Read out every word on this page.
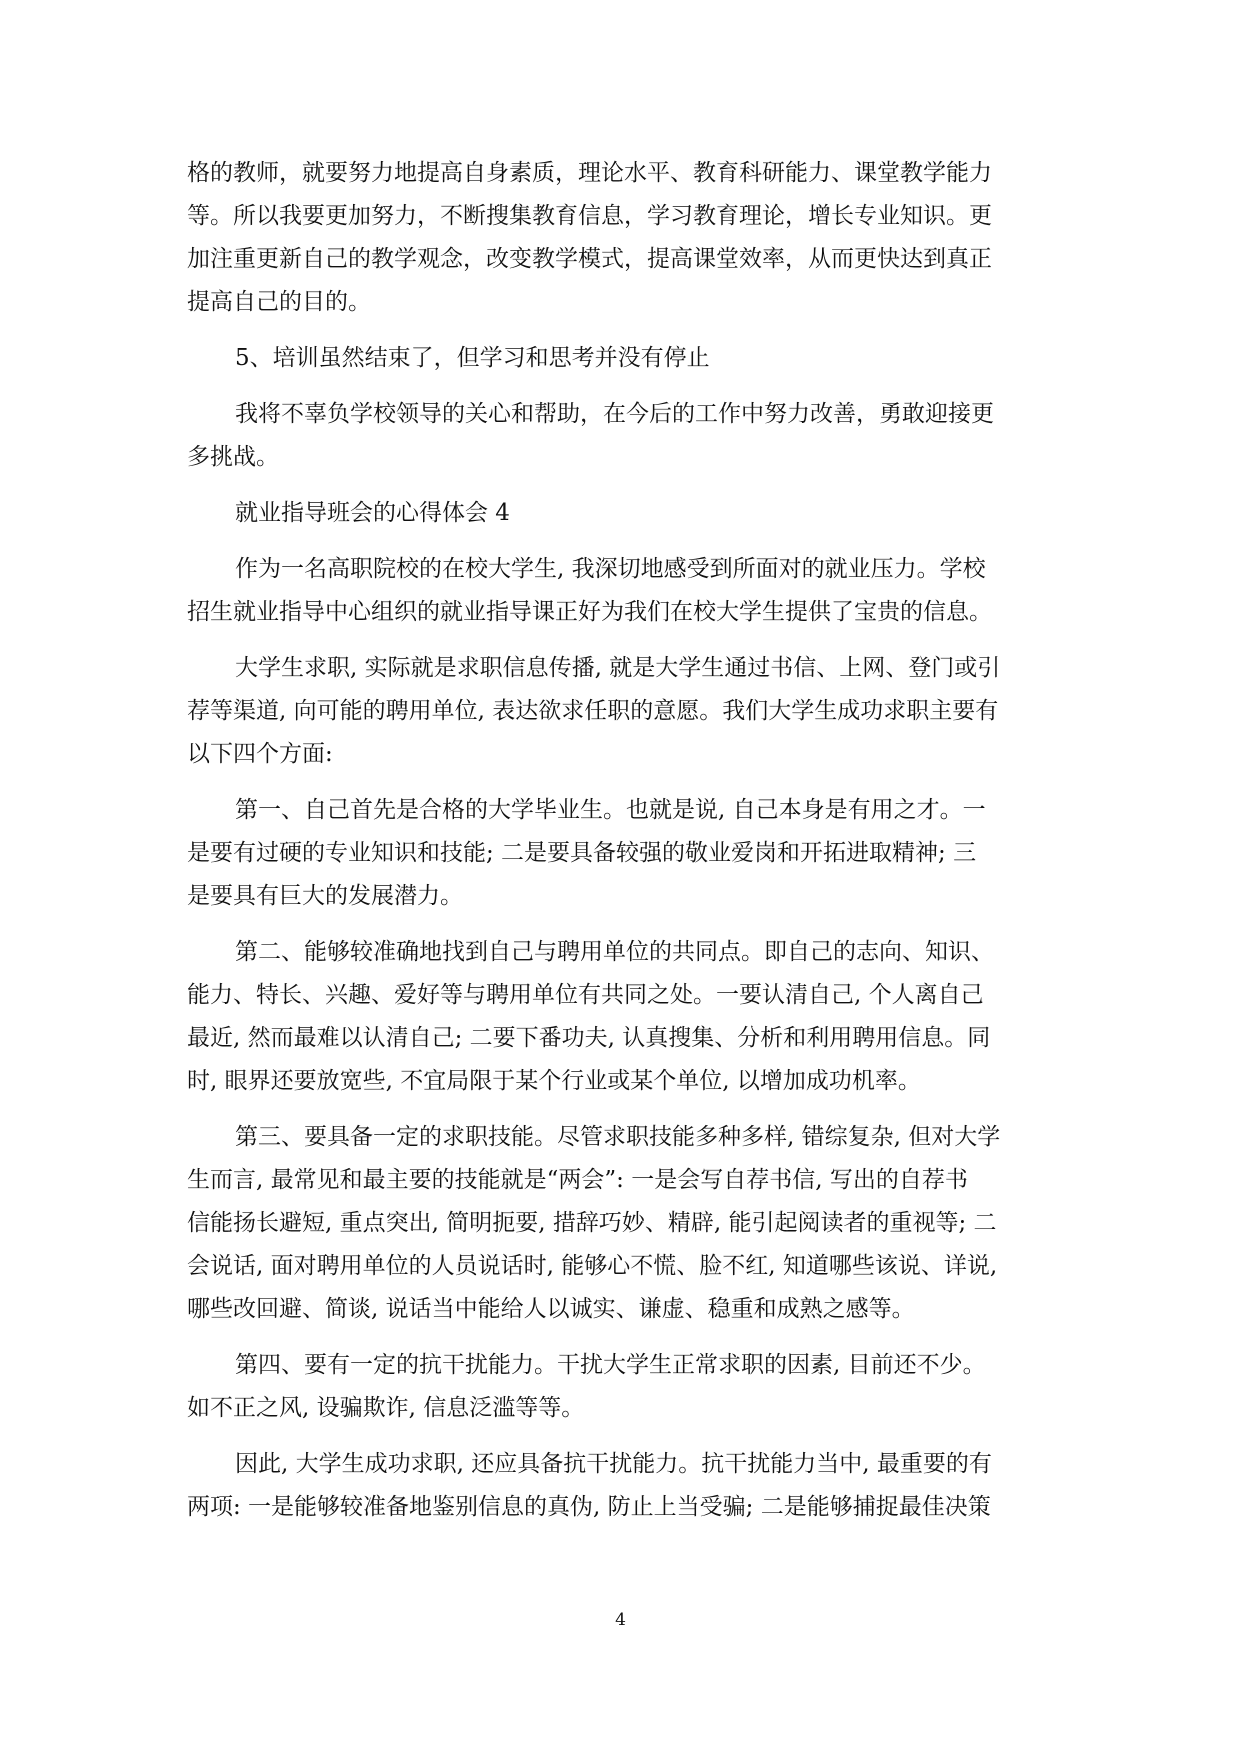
格的教师，就要努力地提高自身素质，理论水平、教育科研能力、课堂教学能力
等。所以我要更加努力，不断搜集教育信息，学习教育理论，增长专业知识。更
加注重更新自己的教学观念，改变教学模式，提高课堂效率，从而更快达到真正
提高自己的目的。
5、培训虽然结束了，但学习和思考并没有停止
我将不辜负学校领导的关心和帮助，在今后的工作中努力改善，勇敢迎接更
多挑战。
就业指导班会的心得体会 4
作为一名高职院校的在校大学生, 我深切地感受到所面对的就业压力。学校
招生就业指导中心组织的就业指导课正好为我们在校大学生提供了宝贵的信息。
大学生求职, 实际就是求职信息传播, 就是大学生通过书信、上网、登门或引
荐等渠道, 向可能的聘用单位, 表达欲求任职的意愿。我们大学生成功求职主要有
以下四个方面:
第一、自己首先是合格的大学毕业生。也就是说, 自己本身是有用之才。一
是要有过硬的专业知识和技能; 二是要具备较强的敬业爱岗和开拓进取精神; 三
是要具有巨大的发展潜力。
第二、能够较准确地找到自己与聘用单位的共同点。即自己的志向、知识、
能力、特长、兴趣、爱好等与聘用单位有共同之处。一要认清自己, 个人离自己
最近, 然而最难以认清自己; 二要下番功夫, 认真搜集、分析和利用聘用信息。同
时, 眼界还要放宽些, 不宜局限于某个行业或某个单位, 以增加成功机率。
第三、要具备一定的求职技能。尽管求职技能多种多样, 错综复杂, 但对大学
生而言, 最常见和最主要的技能就是“两会”: 一是会写自荐书信, 写出的自荐书
信能扬长避短, 重点突出, 简明扼要, 措辞巧妙、精辟, 能引起阅读者的重视等; 二
会说话, 面对聘用单位的人员说话时, 能够心不慌、脸不红, 知道哪些该说、详说,
哪些改回避、简谈, 说话当中能给人以诚实、谦虚、稳重和成熟之感等。
第四、要有一定的抗干扰能力。干扰大学生正常求职的因素, 目前还不少。
如不正之风, 设骗欺诈, 信息泛滥等等。
因此, 大学生成功求职, 还应具备抗干扰能力。抗干扰能力当中, 最重要的有
两项: 一是能够较准备地鉴别信息的真伪, 防止上当受骗; 二是能够捕捉最佳决策
4
